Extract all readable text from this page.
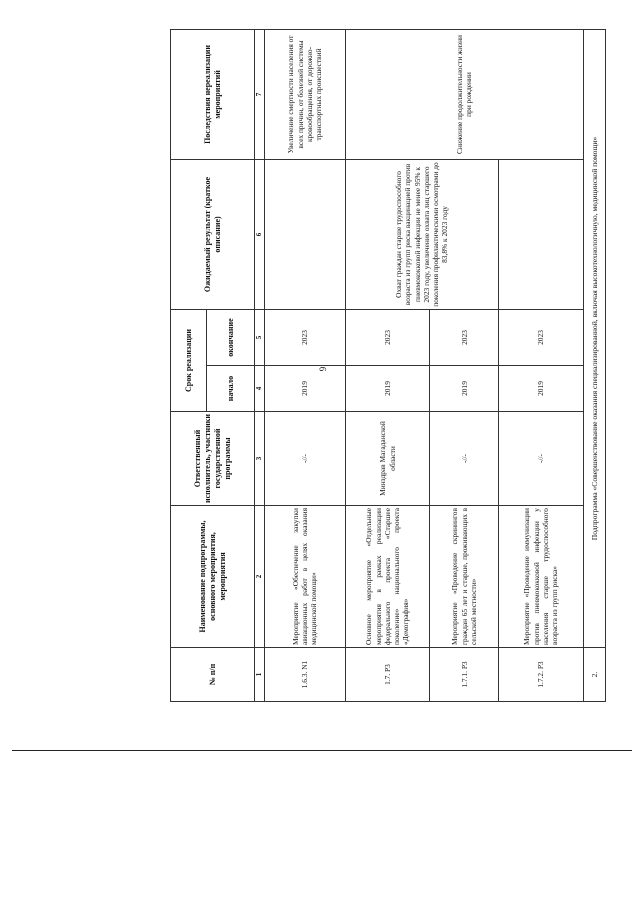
9
№ п/п	Наименование подпрограммы, основного мероприятия, мероприятия	Ответственный исполнитель, участники государственной программы	Срок реализации		Ожидаемый результат (краткое описание)	Последствия нереализации мероприятий
			начало	окончание		
1	2	3	4	5	6	7
1.6.3. N1	Мероприятие «Обеспечение закупки авиационных работ в целях оказания медицинской помощи»	-//-	2019	2023		Увеличение смертности населения от всех причин, от болезней системы кровообращения, от дорожно-транспортных происшествий
1.7. P3	Основное мероприятие «Отдельные мероприятия в рамках реализации федерального проекта «Старшее поколение» национального проекта «Демография»	Минздрав Магаданской области	2019	2023	Охват граждан старше трудоспособного возраста из групп риска вакцинацией против пневмококковой инфекции не менее 95% к 2023 году, увеличение охвата лиц старшего поколения профилактическими осмотрами до 83,8% к 2023 году	Снижение продолжительности жизни при рождении
1.7.1. P3	Мероприятие «Проведение скринингов граждан 65 лет и старше, проживающих в сельской местности»	-//-	2019	2023		
1.7.2. P3	Мероприятие «Проведение иммунизации против пневмококковой инфекции у населения старше трудоспособного возраста из групп риска»	-//-	2019	2023		
2.	Подпрограмма «Совершенствование оказания специализированной, включая высокотехнологичную, медицинской помощи»					
